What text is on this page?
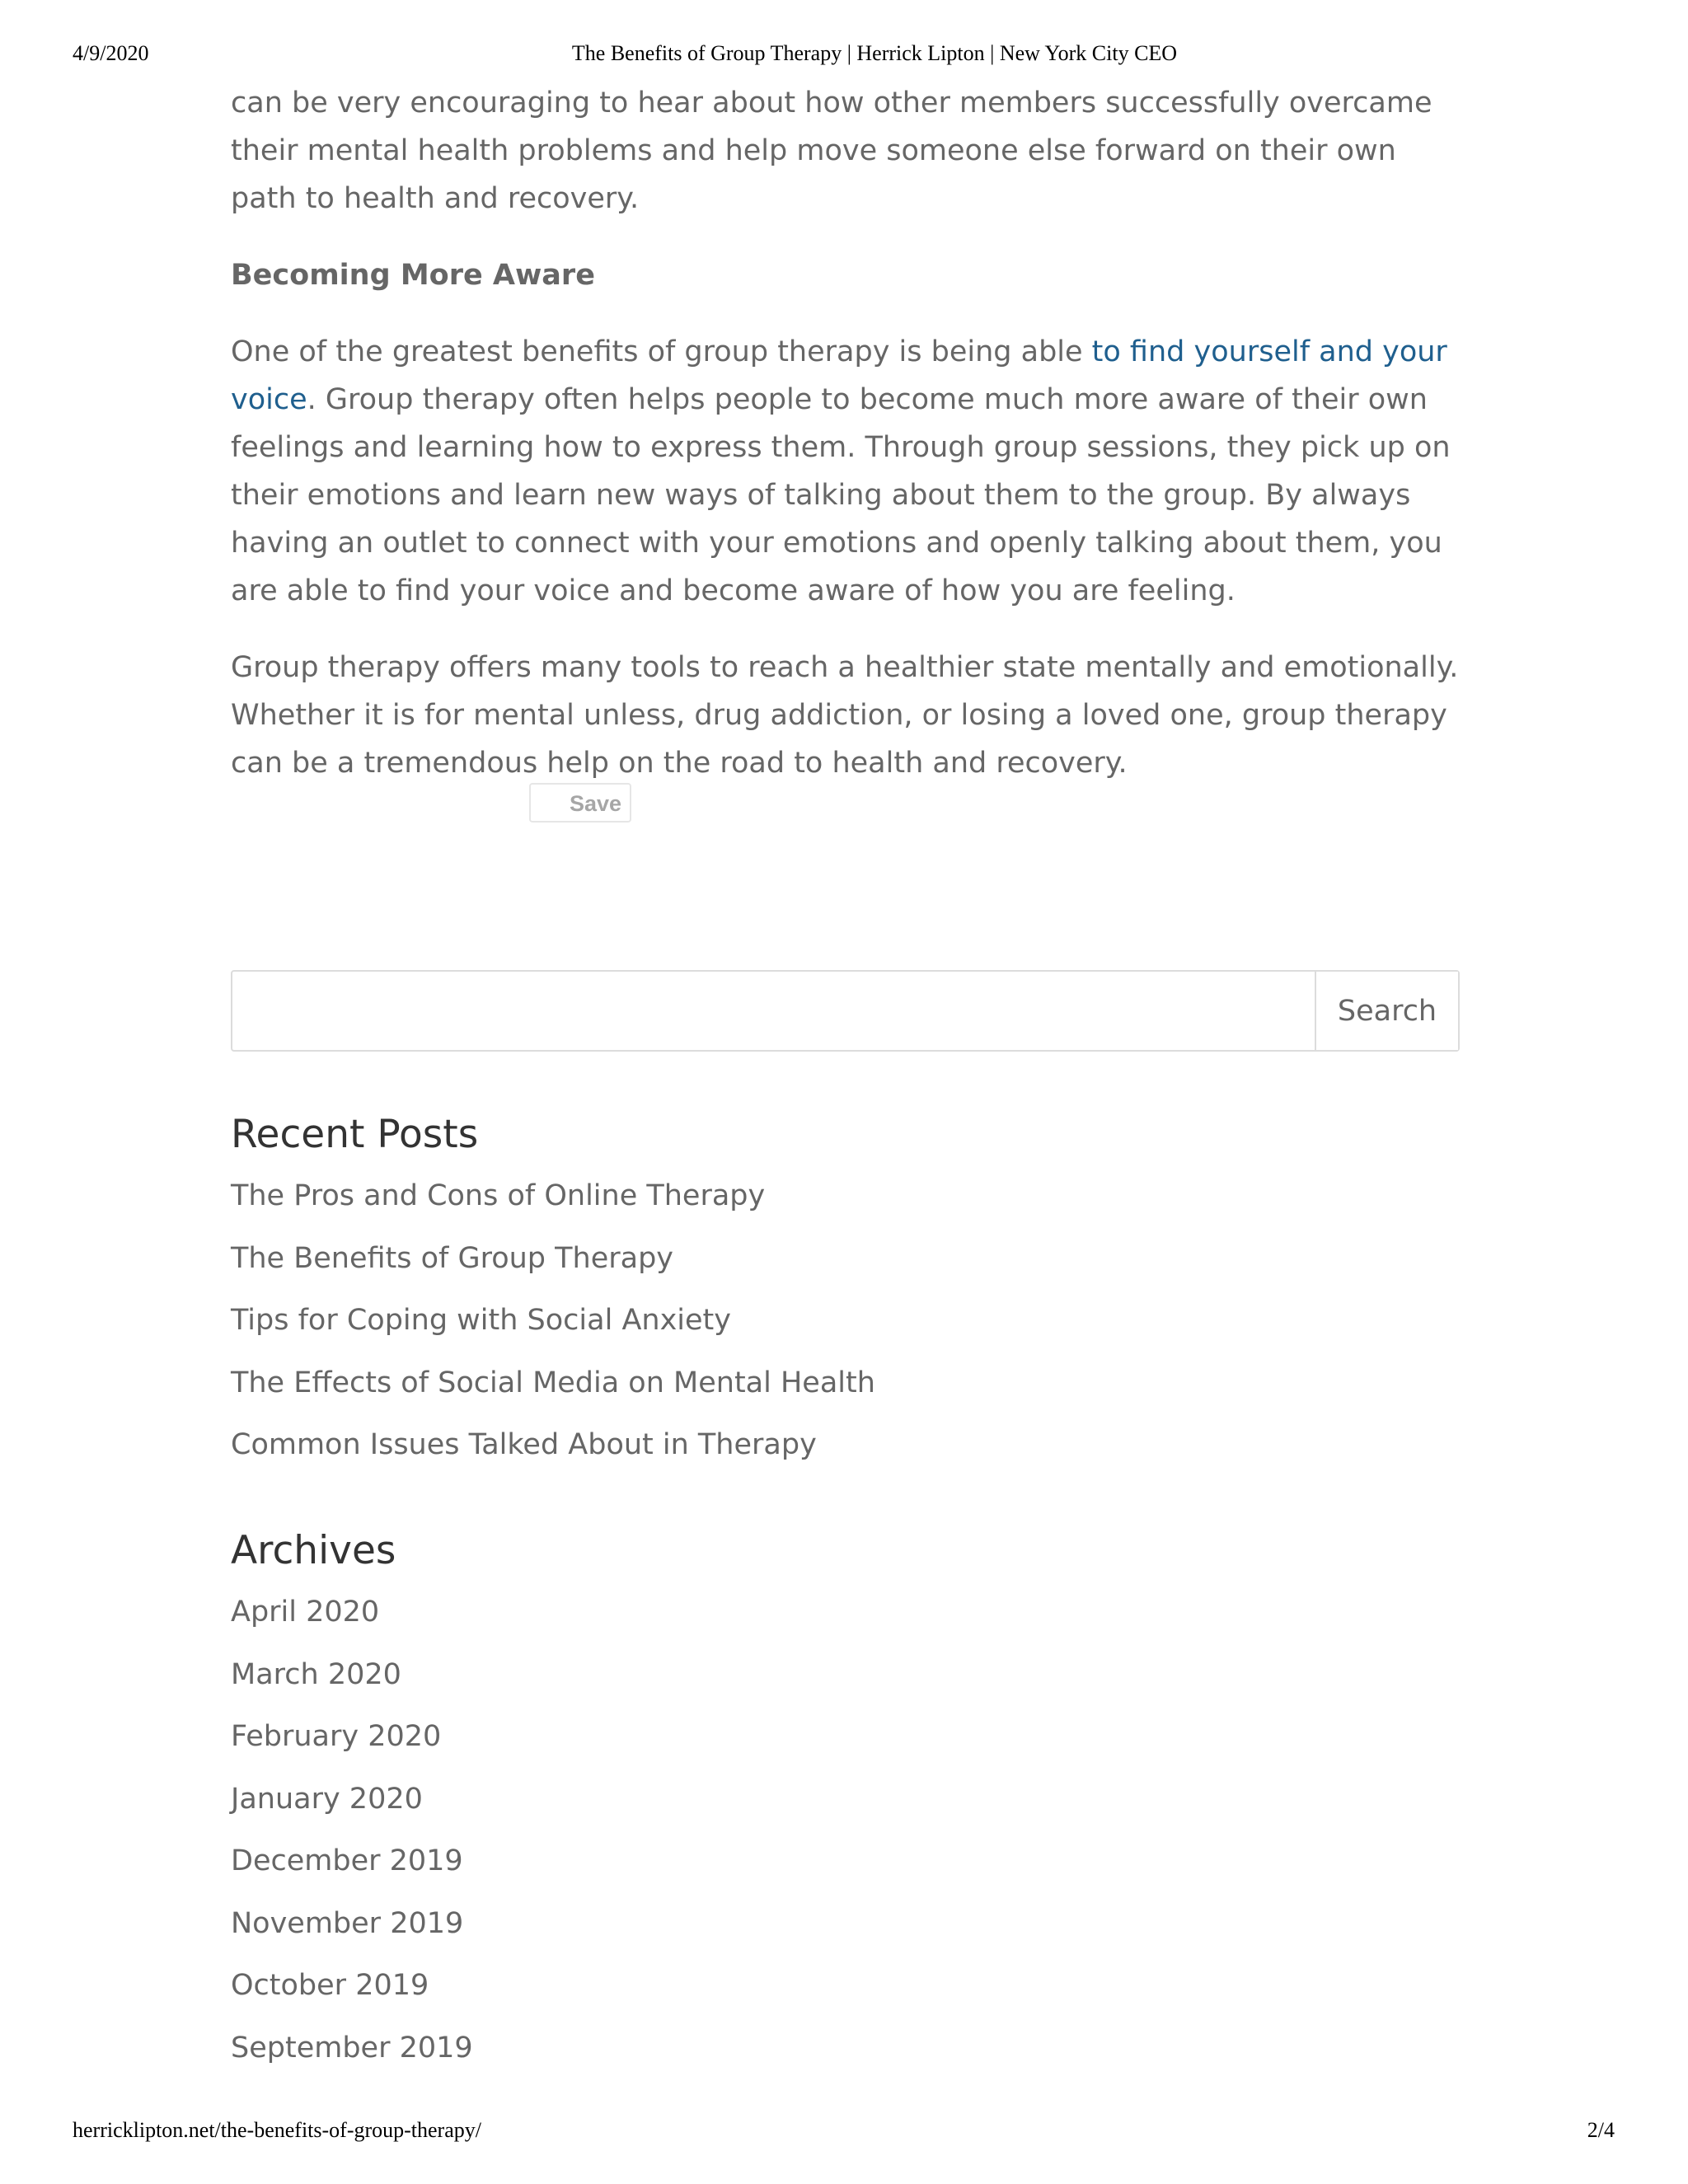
4/9/2020	The Benefits of Group Therapy | Herrick Lipton | New York City CEO

can be very encouraging to hear about how other members successfully overcame their mental health problems and help move someone else forward on their own path to health and recovery.

Becoming More Aware

One of the greatest benefits of group therapy is being able to find yourself and your voice. Group therapy often helps people to become much more aware of their own feelings and learning how to express them. Through group sessions, they pick up on their emotions and learn new ways of talking about them to the group. By always having an outlet to connect with your emotions and openly talking about them, you are able to find your voice and become aware of how you are feeling.

Group therapy offers many tools to reach a healthier state mentally and emotionally. Whether it is for mental unless, drug addiction, or losing a loved one, group therapy can be a tremendous help on the road to health and recovery.

Save
Search
Recent Posts
The Pros and Cons of Online Therapy
The Benefits of Group Therapy
Tips for Coping with Social Anxiety
The Effects of Social Media on Mental Health
Common Issues Talked About in Therapy
Archives
April 2020
March 2020
February 2020
January 2020
December 2019
November 2019
October 2019
September 2019
herricklipton.net/the-benefits-of-group-therapy/	2/4
